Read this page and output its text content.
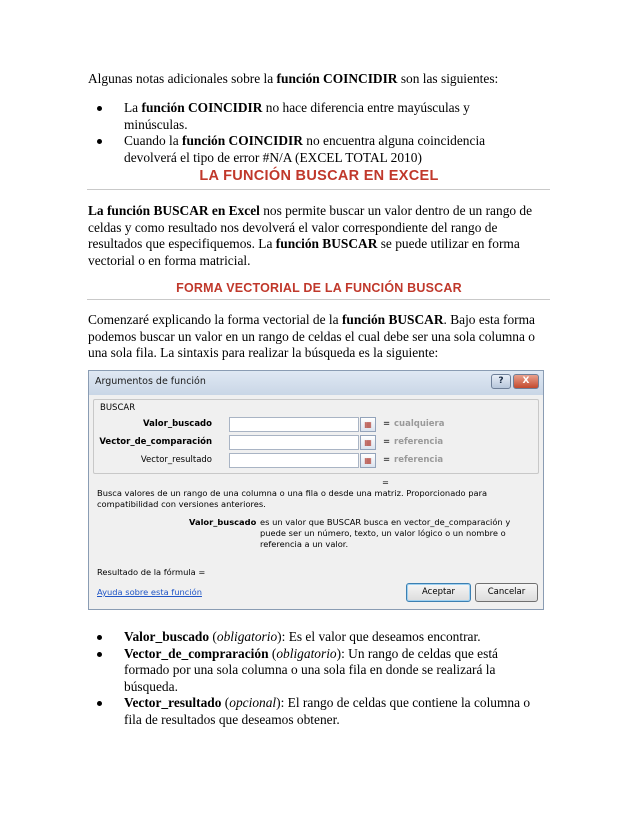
Algunas notas adicionales sobre la función COINCIDIR son las siguientes:
La función COINCIDIR no hace diferencia entre mayúsculas y minúsculas.
Cuando la función COINCIDIR no encuentra alguna coincidencia devolverá el tipo de error #N/A (EXCEL TOTAL 2010)
LA FUNCIÓN BUSCAR EN EXCEL
La función BUSCAR en Excel nos permite buscar un valor dentro de un rango de celdas y como resultado nos devolverá el valor correspondiente del rango de resultados que especifiquemos. La función BUSCAR se puede utilizar en forma vectorial o en forma matricial.
FORMA VECTORIAL DE LA FUNCIÓN BUSCAR
Comenzaré explicando la forma vectorial de la función BUSCAR. Bajo esta forma podemos buscar un valor en un rango de celdas el cual debe ser una sola columna o una sola fila. La sintaxis para realizar la búsqueda es la siguiente:
Argumentos de función	?	X
BUSCAR
Valor_buscado	▦	= cualquiera
Vector_de_comparación	▦	= referencia
Vector_resultado	▦	= referencia
=
Busca valores de un rango de una columna o una fila o desde una matriz. Proporcionado para compatibilidad con versiones anteriores.
Valor_buscado es un valor que BUSCAR busca en vector_de_comparación y puede ser un número, texto, un valor lógico o un nombre o referencia a un valor.
Resultado de la fórmula =
Ayuda sobre esta función	Aceptar	Cancelar
Valor_buscado (obligatorio): Es el valor que deseamos encontrar.
Vector_de_compraración (obligatorio): Un rango de celdas que está formado por una sola columna o una sola fila en donde se realizará la búsqueda.
Vector_resultado (opcional): El rango de celdas que contiene la columna o fila de resultados que deseamos obtener.
